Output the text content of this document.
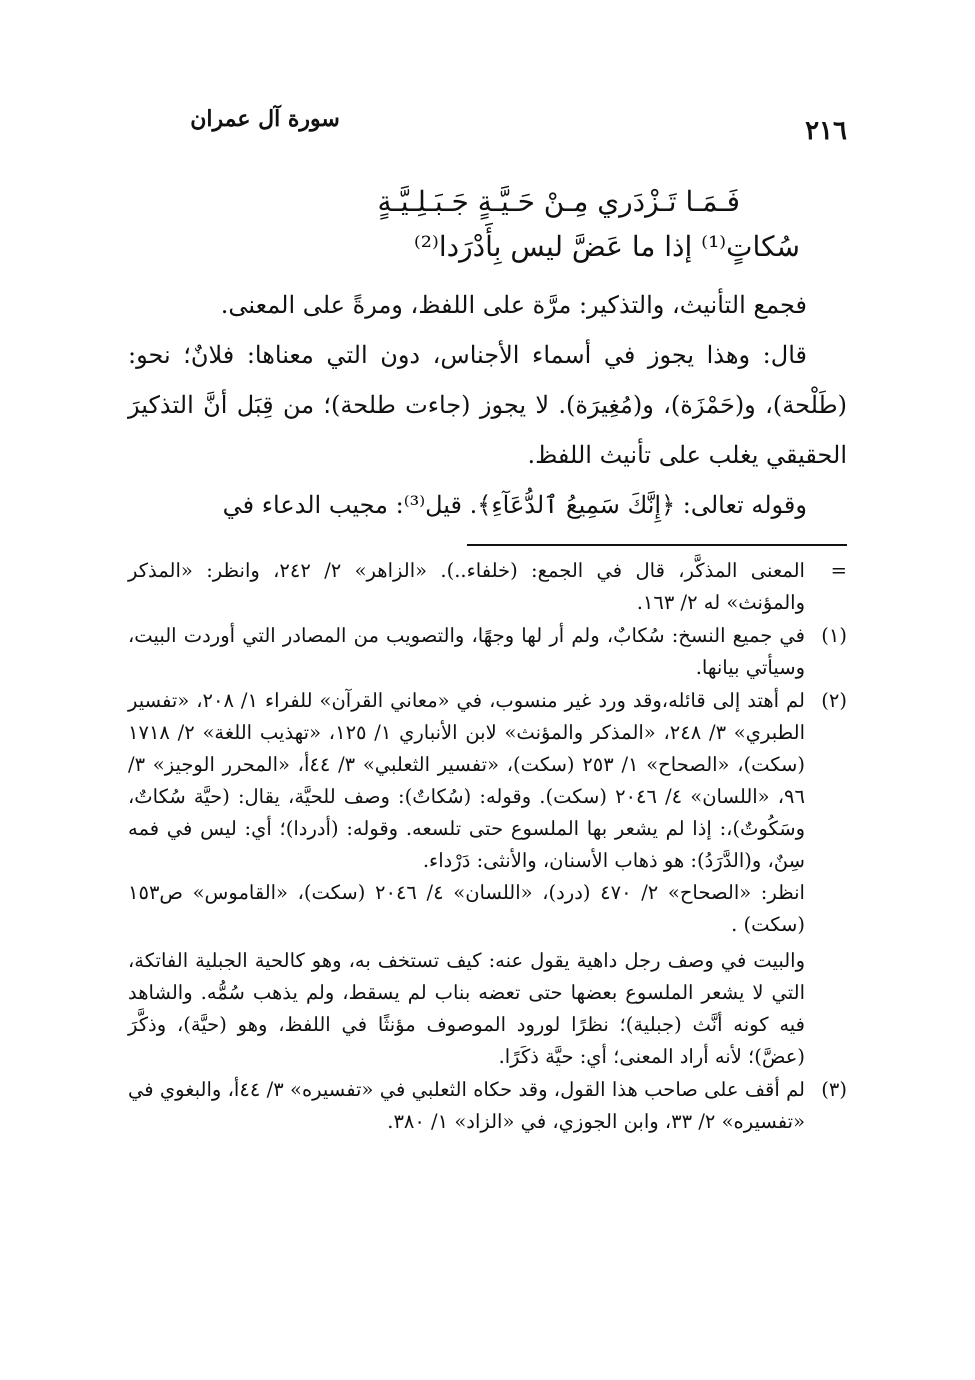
سورة آل عمران	٢١٦
فَـمَـا تَـزْدَري مِـنْ حَـيَّـةٍ جَـبَـلِـيَّـةٍ
سُكاتٍ⁽¹⁾ إذا ما عَضَّ ليس بِأَدْرَدا⁽²⁾

فجمع التأنيث، والتذكير: مرَّة على اللفظ، ومرةً على المعنى.

قال: وهذا يجوز في أسماء الأجناس، دون التي معناها: فلانٌ؛ نحو: (طَلْحة)، و(حَمْزَة)، و(مُغِيرَة). لا يجوز (جاءت طلحة)؛ من قِبَل أنَّ التذكيرَ الحقيقي يغلب على تأنيث اللفظ.

وقوله تعالى: ﴿إِنَّكَ سَمِيعُ ٱلدُّعَآءِ﴾. قيل⁽³⁾: مجيب الدعاء في

=
المعنى المذكَّر، قال في الجمع: (خلفاء..). «الزاهر» ٢/ ٢٤٢، وانظر: «المذكر والمؤنث» له ٢/ ١٦٣.
(١)
في جميع النسخ: سُكابٌ، ولم أر لها وجهًا، والتصويب من المصادر التي أوردت البيت، وسيأتي بيانها.
(٢)

لم أهتد إلى قائله،وقد ورد غير منسوب، في «معاني القرآن» للفراء ١/ ٢٠٨، «تفسير الطبري» ٣/ ٢٤٨، «المذكر والمؤنث» لابن الأنباري ١/ ١٢٥، «تهذيب اللغة» ٢/ ١٧١٨ (سكت)، «الصحاح» ١/ ٢٥٣ (سكت)، «تفسير الثعلبي» ٣/ ٤٤أ، «المحرر الوجيز» ٣/ ٩٦، «اللسان» ٤/ ٢٠٤٦ (سكت). وقوله: (سُكاتٌ): وصف للحيَّة، يقال: (حيَّة سُكاتٌ، وسَكُوتٌ)،: إذا لم يشعر بها الملسوع حتى تلسعه. وقوله: (أدردا)؛ أي: ليس في فمه سِنٌ، و(الدَّرَدُ): هو ذهاب الأسنان، والأنثى: دَرْداء.

انظر: «الصحاح» ٢/ ٤٧٠ (درد)، «اللسان» ٤/ ٢٠٤٦ (سكت)، «القاموس» ص١٥٣ (سكت) .

والبيت في وصف رجل داهية يقول عنه: كيف تستخف به، وهو كالحية الجبلية الفاتكة، التي لا يشعر الملسوع بعضها حتى تعضه بناب لم يسقط، ولم يذهب سُمُّه. والشاهد فيه كونه أنَّث (جبلية)؛ نظرًا لورود الموصوف مؤنثًا في اللفظ، وهو (حيَّة)، وذكَّرَ (عضَّ)؛ لأنه أراد المعنى؛ أي: حيَّة ذكَرًا.

(٣)
لم أقف على صاحب هذا القول، وقد حكاه الثعلبي في «تفسيره» ٣/ ٤٤أ، والبغوي في «تفسيره» ٢/ ٣٣، وابن الجوزي، في «الزاد» ١/ ٣٨٠.
